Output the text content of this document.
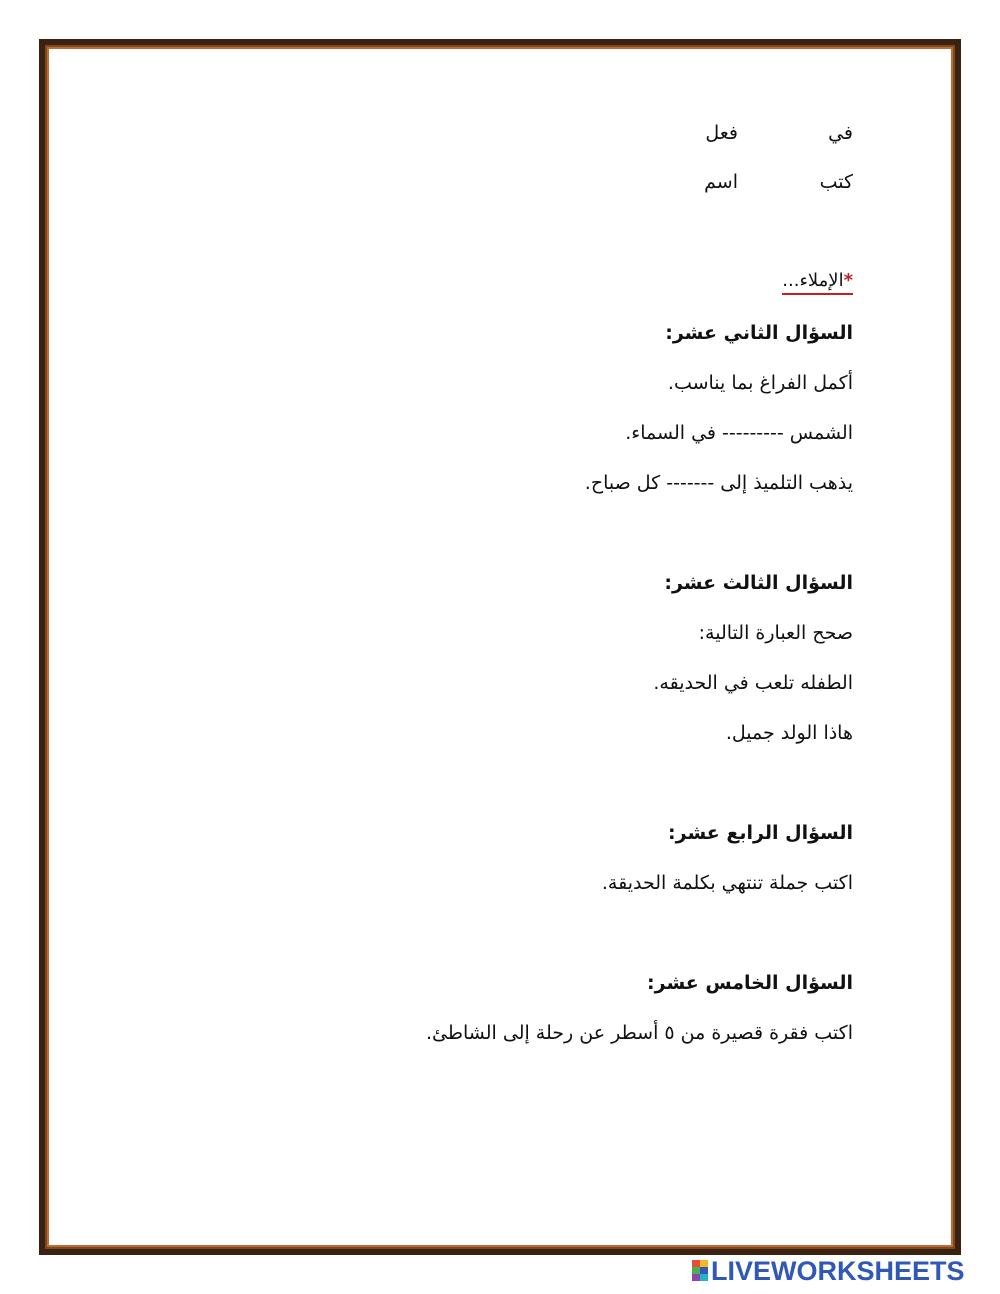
في
فعل
كتب
اسم
*الإملاء...
السؤال الثاني عشر:
أكمل الفراغ بما يناسب.
الشمس --------- في السماء.
يذهب التلميذ إلى ------- كل صباح.
السؤال الثالث عشر:
صحح العبارة التالية:
الطفله تلعب في الحديقه.
هاذا الولد جميل.
السؤال الرابع عشر:
اكتب جملة تنتهي بكلمة الحديقة.
السؤال الخامس عشر:
اكتب فقرة قصيرة من ٥ أسطر عن رحلة إلى الشاطئ.
LIVEWORKSHEETS
